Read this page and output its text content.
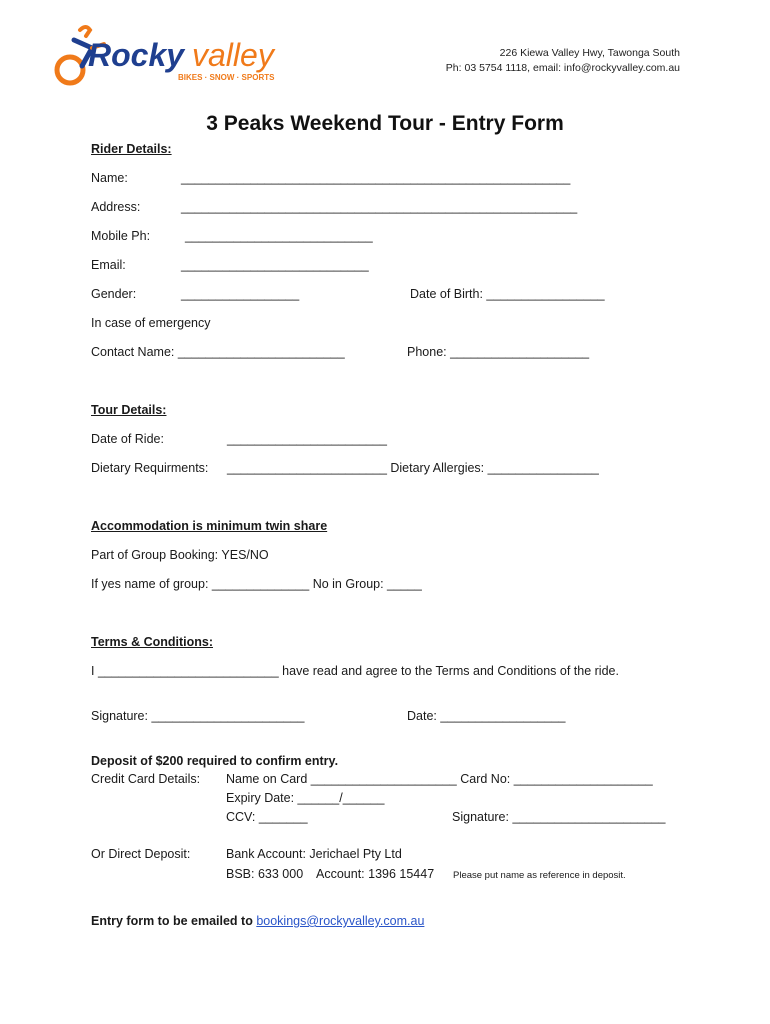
Rocky valley
BIKES · SNOW · SPORTS
226 Kiewa Valley Hwy, Tawonga South
Ph: 03 5754 1118, email: info@rockyvalley.com.au
3 Peaks Weekend Tour - Entry Form
Rider Details:
Name:	________________________________________________________
Address:	_________________________________________________________
Mobile Ph:	___________________________
Email:	___________________________
Gender:	_________________	Date of Birth: _________________
In case of emergency
Contact Name: ________________________	Phone: ____________________
Tour Details:
Date of Ride:	_______________________
Dietary Requirments: _______________________ Dietary Allergies: ________________
Accommodation is minimum twin share
Part of Group Booking: YES/NO
If yes name of group: ______________ No in Group: _____
Terms & Conditions:
I __________________________ have read and agree to the Terms and Conditions of the ride.
Signature: ______________________	Date: __________________
Deposit of $200 required to confirm entry.
Credit Card Details: Name on Card _____________________ Card No: ____________________
Expiry Date: ______/______
CCV: _______	Signature: ______________________
Or Direct Deposit:	Bank Account: Jerichael Pty Ltd
BSB: 633 000 Account: 1396 15447 Please put name as reference in deposit.
Entry form to be emailed to bookings@rockyvalley.com.au
